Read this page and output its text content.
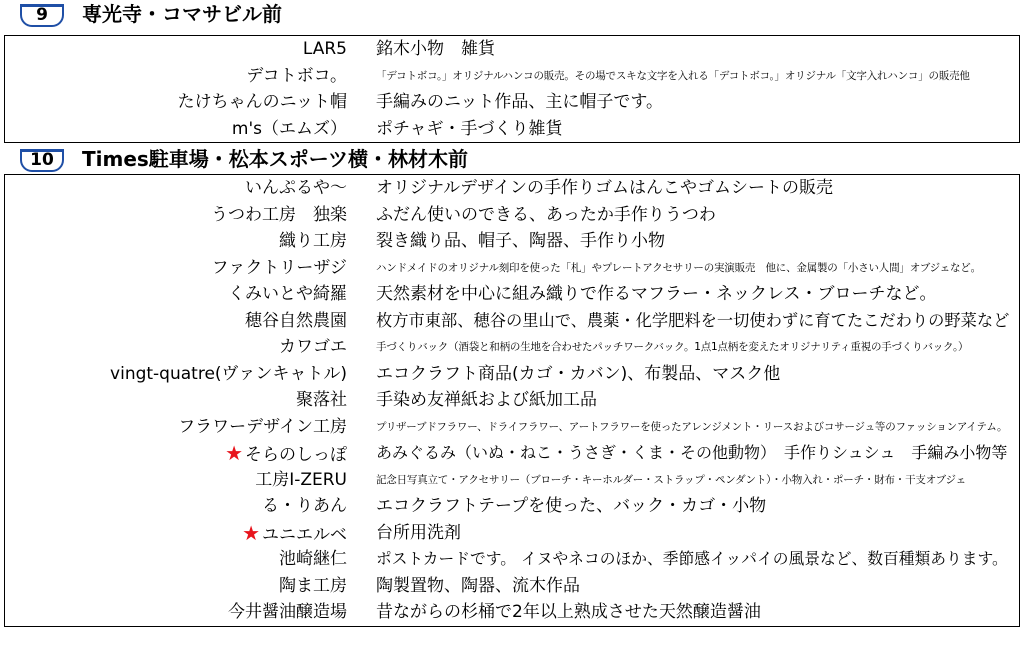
9	専光寺・コマサビル前
LAR5 銘木小物　雑貨
デコトボコ。	「デコトボコ。」オリジナルハンコの販売。その場でスキな文字を入れる「デコトボコ。」オリジナル「文字入れハンコ」の販売他
たけちゃんのニット帽 手編みのニット作品、主に帽子です。
m's（エムズ） ポチャギ・手づくり雑貨
10	Times駐車場・松本スポーツ横・林材木前
いんぷるや～ オリジナルデザインの手作りゴムはんこやゴムシートの販売
うつわ工房　独楽 ふだん使いのできる、あったか手作りうつわ
織り工房 裂き織り品、帽子、陶器、手作り小物
ファクトリーザジ	ハンドメイドのオリジナル刻印を使った「札」やプレートアクセサリーの実演販売　他に、金属製の「小さい人間」オブジェなど。
くみいとや綺羅 天然素材を中心に組み織りで作るマフラー・ネックレス・ブローチなど。
穂谷自然農園 枚方市東部、穂谷の里山で、農薬・化学肥料を一切使わずに育てたこだわりの野菜など
カワゴエ	手づくりバック（酒袋と和柄の生地を合わせたパッチワークバック。1点1点柄を変えたオリジナリティ重視の手づくりバック。）
vingt-quatre(ヴァンキャトル) エコクラフト商品(カゴ・カバン)、布製品、マスク他
聚落社 手染め友禅紙および紙加工品
フラワーデザイン工房	プリザーブドフラワー、ドライフラワー、アートフラワーを使ったアレンジメント・リースおよびコサージュ等のファッションアイテム。
★ そらのしっぽ あみぐるみ（いぬ・ねこ・うさぎ・くま・その他動物）　手作りシュシュ　手編み小物等
工房I-ZERU	記念日写真立て・アクセサリー（ブローチ・キーホルダー・ストラップ・ペンダント）・小物入れ・ポーチ・財布・干支オブジェ
る・りあん エコクラフトテープを使った、バック・カゴ・小物
★ ユニエルベ 台所用洗剤
池崎継仁 ポストカードです。 イヌやネコのほか、季節感イッパイの風景など、数百種類あります。
陶ま工房 陶製置物、陶器、流木作品
今井醤油醸造場 昔ながらの杉桶で2年以上熟成させた天然醸造醤油
